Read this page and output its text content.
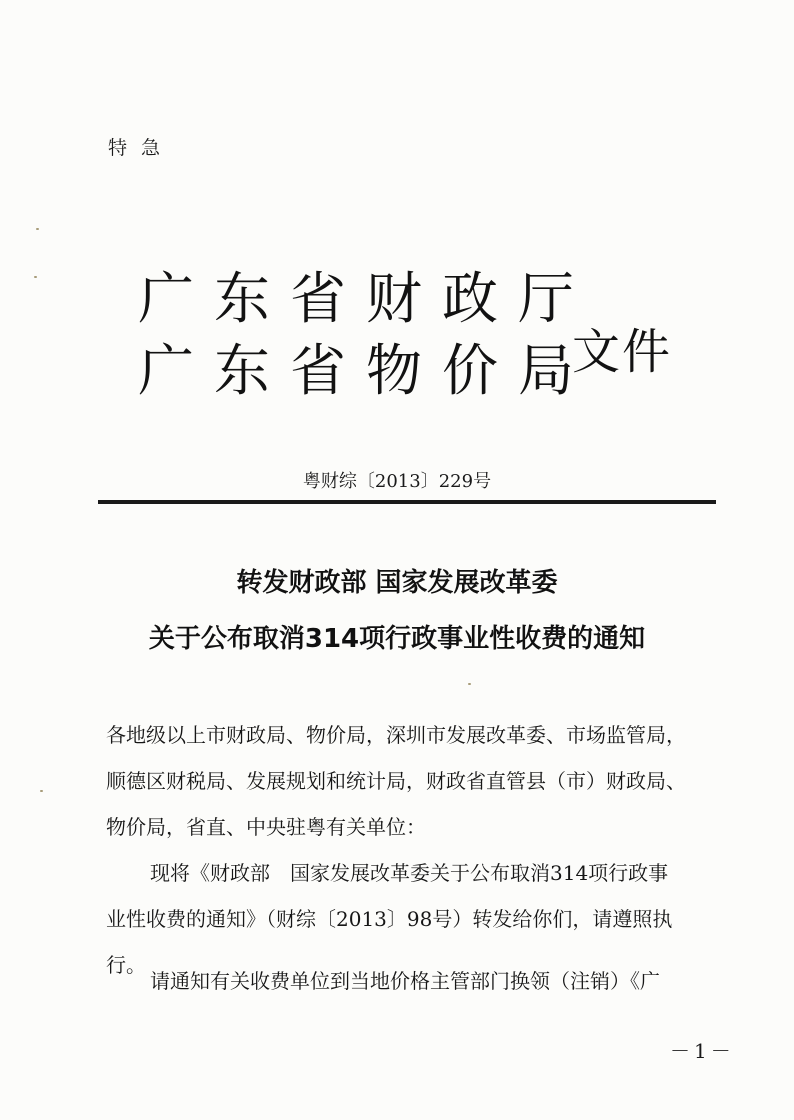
特急
广东省财政厅
广东省物价局
文件
粤财综〔2013〕229号
转发财政部 国家发展改革委
关于公布取消314项行政事业性收费的通知
各地级以上市财政局、物价局，深圳市发展改革委、市场监管局，
顺德区财税局、发展规划和统计局，财政省直管县（市）财政局、
物价局，省直、中央驻粤有关单位：
现将《财政部　国家发展改革委关于公布取消314项行政事
业性收费的通知》（财综〔2013〕98号）转发给你们，请遵照执
行。
请通知有关收费单位到当地价格主管部门换领（注销）《广
－1－
